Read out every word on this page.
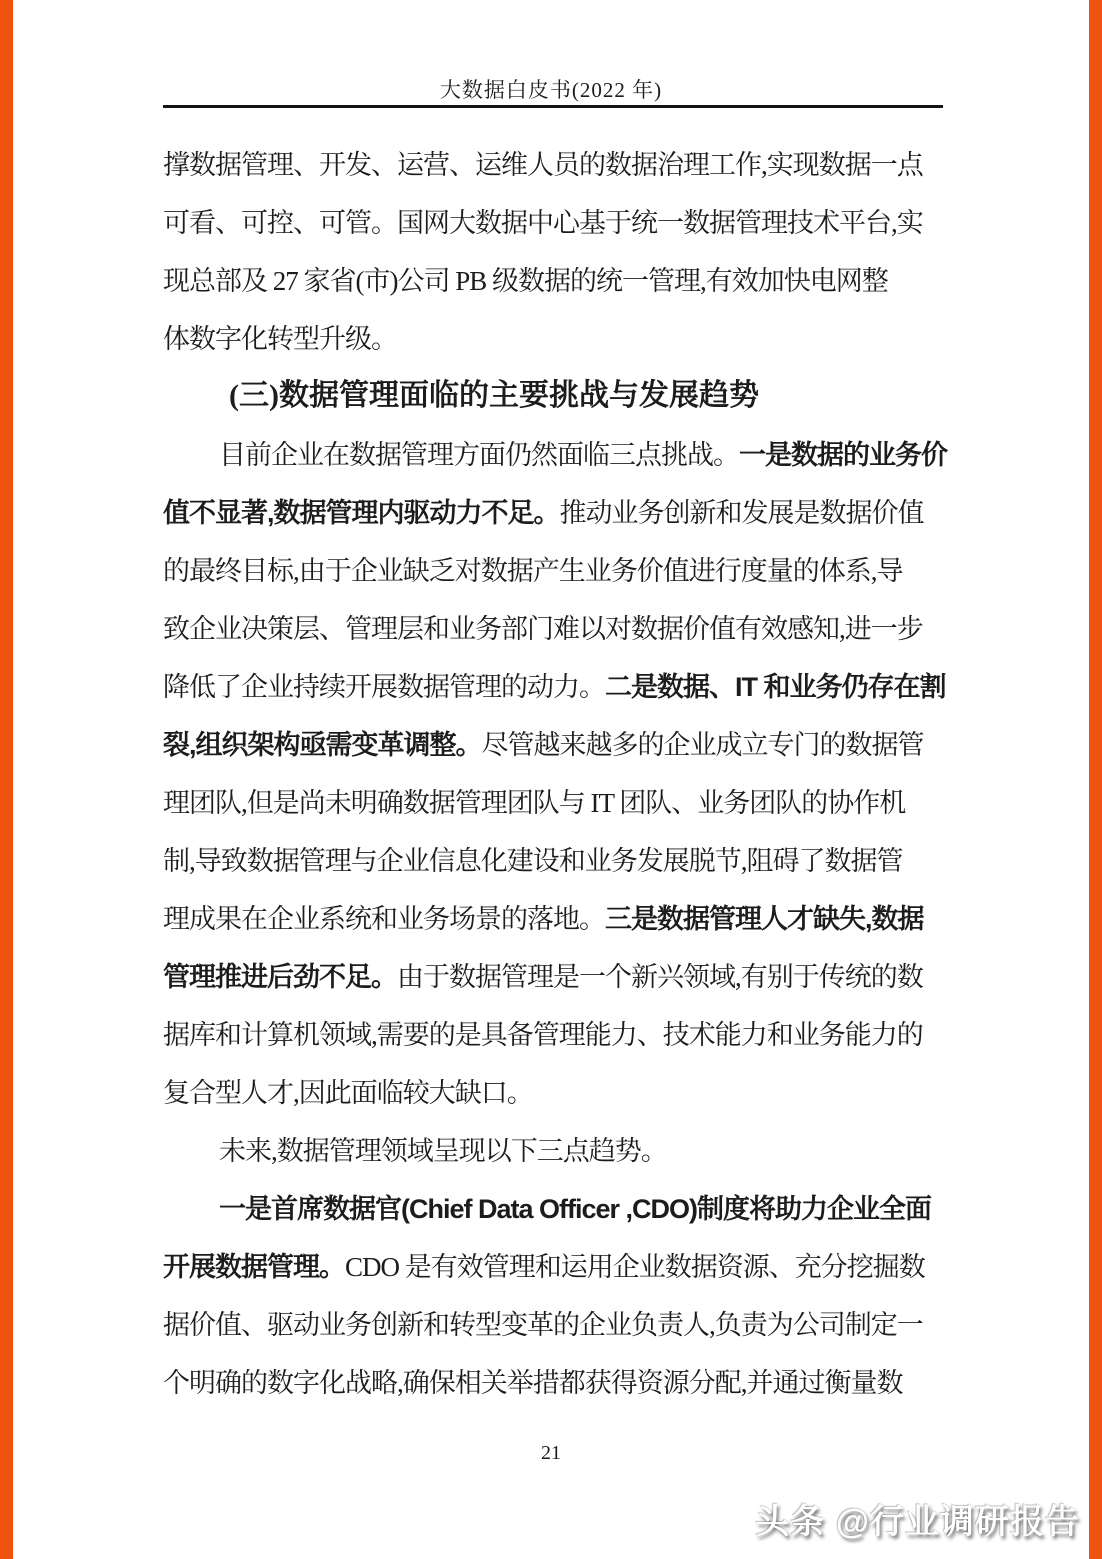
大数据白皮书(2022 年)
撑数据管理、开发、运营、运维人员的数据治理工作,实现数据一点
可看、可控、可管。国网大数据中心基于统一数据管理技术平台,实
现总部及 27 家省(市)公司 PB 级数据的统一管理,有效加快电网整
体数字化转型升级。
(三)数据管理面临的主要挑战与发展趋势
目前企业在数据管理方面仍然面临三点挑战。一是数据的业务价
值不显著,数据管理内驱动力不足。推动业务创新和发展是数据价值
的最终目标,由于企业缺乏对数据产生业务价值进行度量的体系,导
致企业决策层、管理层和业务部门难以对数据价值有效感知,进一步
降低了企业持续开展数据管理的动力。二是数据、IT 和业务仍存在割
裂,组织架构亟需变革调整。尽管越来越多的企业成立专门的数据管
理团队,但是尚未明确数据管理团队与 IT 团队、业务团队的协作机
制,导致数据管理与企业信息化建设和业务发展脱节,阻碍了数据管
理成果在企业系统和业务场景的落地。三是数据管理人才缺失,数据
管理推进后劲不足。由于数据管理是一个新兴领域,有别于传统的数
据库和计算机领域,需要的是具备管理能力、技术能力和业务能力的
复合型人才,因此面临较大缺口。
未来,数据管理领域呈现以下三点趋势。
一是首席数据官(Chief Data Officer ,CDO)制度将助力企业全面
开展数据管理。CDO 是有效管理和运用企业数据资源、充分挖掘数
据价值、驱动业务创新和转型变革的企业负责人,负责为公司制定一
个明确的数字化战略,确保相关举措都获得资源分配,并通过衡量数
21
头条 @行业调研报告
